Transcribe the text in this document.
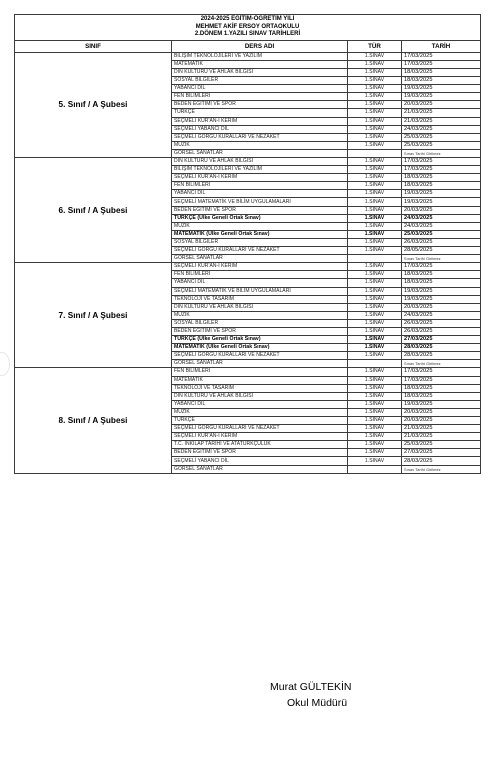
2024-2025 EĞİTİM-ÖĞRETİM YILI
MEHMET AKİF ERSOY ORTAOKULU
2.DÖNEM 1.YAZILI SINAV TARİHLERİ			

SINIF	DERS ADI	TÜR	TARİH
5. Sınıf / A Şubesi	BİLİŞİM TEKNOLOJİLERİ VE YAZILIM	1.SINAV	17/03/2025
	MATEMATİK	1.SINAV	17/03/2025
	DİN KÜLTÜRÜ VE AHLAK BİLGİSİ	1.SINAV	18/03/2025
	SOSYAL BİLGİLER	1.SINAV	18/03/2025
	YABANCI DİL	1.SINAV	19/03/2025
	FEN BİLİMLERİ	1.SINAV	19/03/2025
	BEDEN EĞİTİMİ VE SPOR	1.SINAV	20/03/2025
	TÜRKÇE	1.SINAV	21/03/2025
	SEÇMELİ KUR'AN-I KERİM	1.SINAV	21/03/2025
	SEÇMELİ YABANCI DİL	1.SINAV	24/03/2025
	SEÇMELİ GÖRGÜ KURALLARI VE NEZAKET	1.SINAV	25/03/2025
	MÜZİK	1.SINAV	25/03/2025
	GÖRSEL SANATLAR		Sınav Tarihi Girilmez
6. Sınıf / A Şubesi	DİN KÜLTÜRÜ VE AHLAK BİLGİSİ	1.SINAV	17/03/2025
	BİLİŞİM TEKNOLOJİLERİ VE YAZILIM	1.SINAV	17/03/2025
	SEÇMELİ KUR'AN-I KERİM	1.SINAV	18/03/2025
	FEN BİLİMLERİ	1.SINAV	18/03/2025
	YABANCI DİL	1.SINAV	19/03/2025
	SEÇMELİ MATEMATİK VE BİLİM UYGULAMALARI	1.SINAV	19/03/2025
	BEDEN EĞİTİMİ VE SPOR	1.SINAV	20/03/2025
	TÜRKÇE (Ülke Geneli Ortak Sınav)	1.SINAV	24/03/2025
	MÜZİK	1.SINAV	24/03/2025
	MATEMATİK (Ülke Geneli Ortak Sınav)	1.SINAV	25/03/2025
	SOSYAL BİLGİLER	1.SINAV	26/03/2025
	SEÇMELİ GÖRGÜ KURALLARI VE NEZAKET	1.SINAV	28/05/2025
	GÖRSEL SANATLAR		Sınav Tarihi Girilmez
7. Sınıf / A Şubesi	SEÇMELİ KUR'AN-I KERİM	1.SINAV	17/03/2025
	FEN BİLİMLERİ	1.SINAV	18/03/2025
	YABANCI DİL	1.SINAV	18/03/2025
	SEÇMELİ MATEMATİK VE BİLİM UYGULAMALARI	1.SINAV	19/03/2025
	TEKNOLOJİ VE TASARIM	1.SINAV	19/03/2025
	DİN KÜLTÜRÜ VE AHLAK BİLGİSİ	1.SINAV	20/03/2025
	MÜZİK	1.SINAV	24/03/2025
	SOSYAL BİLGİLER	1.SINAV	26/03/2025
	BEDEN EĞİTİMİ VE SPOR	1.SINAV	26/03/2025
	TÜRKÇE (Ülke Geneli Ortak Sınav)	1.SINAV	27/03/2025
	MATEMATİK (Ülke Geneli Ortak Sınav)	1.SINAV	28/03/2025
	SEÇMELİ GÖRGÜ KURALLARI VE NEZAKET	1.SINAV	28/03/2025
	GÖRSEL SANATLAR		Sınav Tarihi Girilmez
8. Sınıf / A Şubesi	FEN BİLİMLERİ	1.SINAV	17/03/2025
	MATEMATİK	1.SINAV	17/03/2025
	TEKNOLOJİ VE TASARIM	1.SINAV	18/03/2025
	DİN KÜLTÜRÜ VE AHLAK BİLGİSİ	1.SINAV	18/03/2025
	YABANCI DİL	1.SINAV	19/03/2025
	MÜZİK	1.SINAV	20/03/2025
	TÜRKÇE	1.SINAV	20/03/2025
	SEÇMELİ GÖRGÜ KURALLARI VE NEZAKET	1.SINAV	21/03/2025
	SEÇMELİ KUR'AN-I KERİM	1.SINAV	21/03/2025
	T.C. İNKILAP TARİHİ VE ATATÜRKÇÜLÜK	1.SINAV	25/03/2025
	BEDEN EĞİTİMİ VE SPOR	1.SINAV	27/03/2025
	SEÇMELİ YABANCI DİL	1.SINAV	28/03/2025
	GÖRSEL SANATLAR		Sınav Tarihi Girilmez
Murat GÜLTEKİN
Okul Müdürü
